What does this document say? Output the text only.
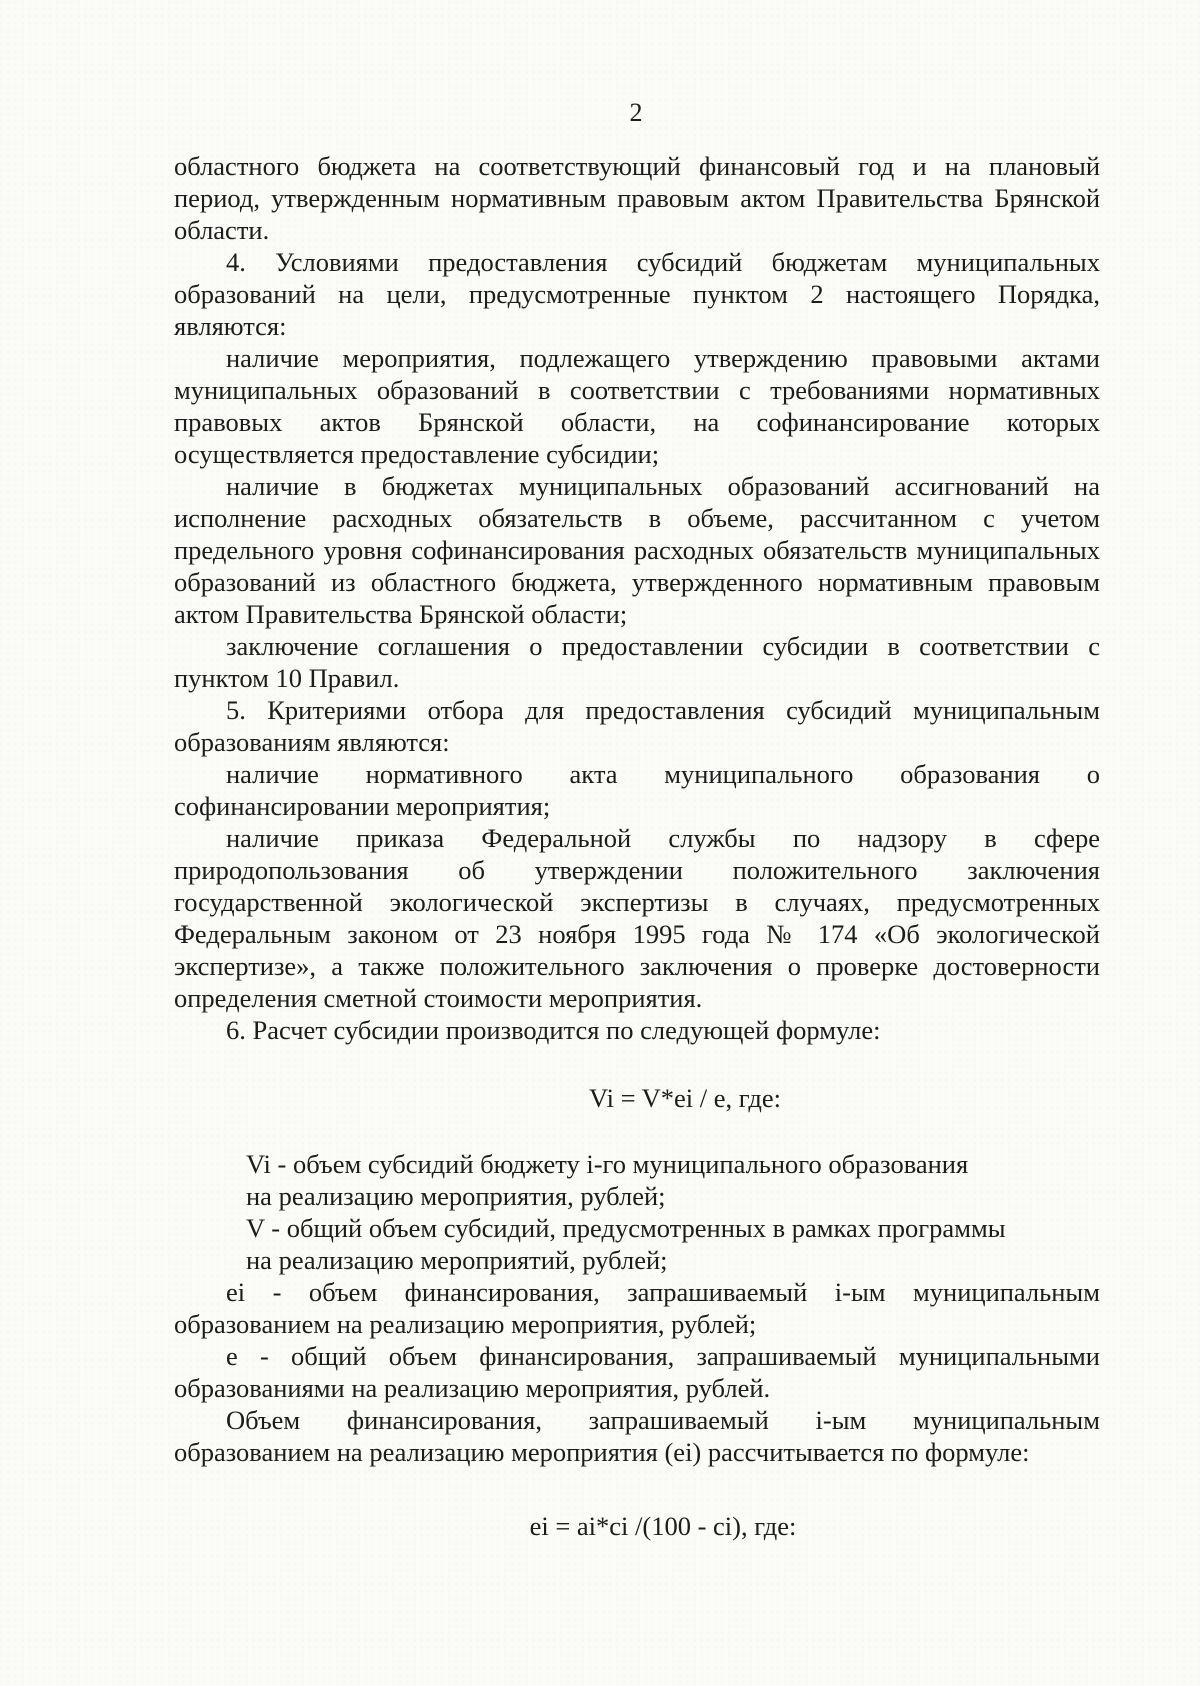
2

областного бюджета на соответствующий финансовый год и на плановый период, утвержденным нормативным правовым актом Правительства Брянской области.

4. Условиями предоставления субсидий бюджетам муниципальных образований на цели, предусмотренные пунктом 2 настоящего Порядка, являются:

наличие мероприятия, подлежащего утверждению правовыми актами муниципальных образований в соответствии с требованиями нормативных правовых актов Брянской области, на софинансирование которых осуществляется предоставление субсидии;

наличие в бюджетах муниципальных образований ассигнований на исполнение расходных обязательств в объеме, рассчитанном с учетом предельного уровня софинансирования расходных обязательств муниципальных образований из областного бюджета, утвержденного нормативным правовым актом Правительства Брянской области;

заключение соглашения о предоставлении субсидии в соответствии с пунктом 10 Правил.

5. Критериями отбора для предоставления субсидий муниципальным образованиям являются:

наличие нормативного акта муниципального образования о софинансировании мероприятия;

наличие приказа Федеральной службы по надзору в сфере природопользования об утверждении положительного заключения государственной экологической экспертизы в случаях, предусмотренных Федеральным законом от 23 ноября 1995 года № 174 «Об экологической экспертизе», а также положительного заключения о проверке достоверности определения сметной стоимости мероприятия.

6. Расчет субсидии производится по следующей формуле:

Vi = V*ei / e, где:

Vi - объем субсидий бюджету i-го муниципального образования

на реализацию мероприятия, рублей;

V - общий объем субсидий, предусмотренных в рамках программы

на реализацию мероприятий, рублей;

ei - объем финансирования, запрашиваемый i-ым муниципальным образованием на реализацию мероприятия, рублей;

e - общий объем финансирования, запрашиваемый муниципальными образованиями на реализацию мероприятия, рублей.

Объем финансирования, запрашиваемый i-ым муниципальным образованием на реализацию мероприятия (ei) рассчитывается по формуле:

ei = ai*ci /(100 - ci), где:
